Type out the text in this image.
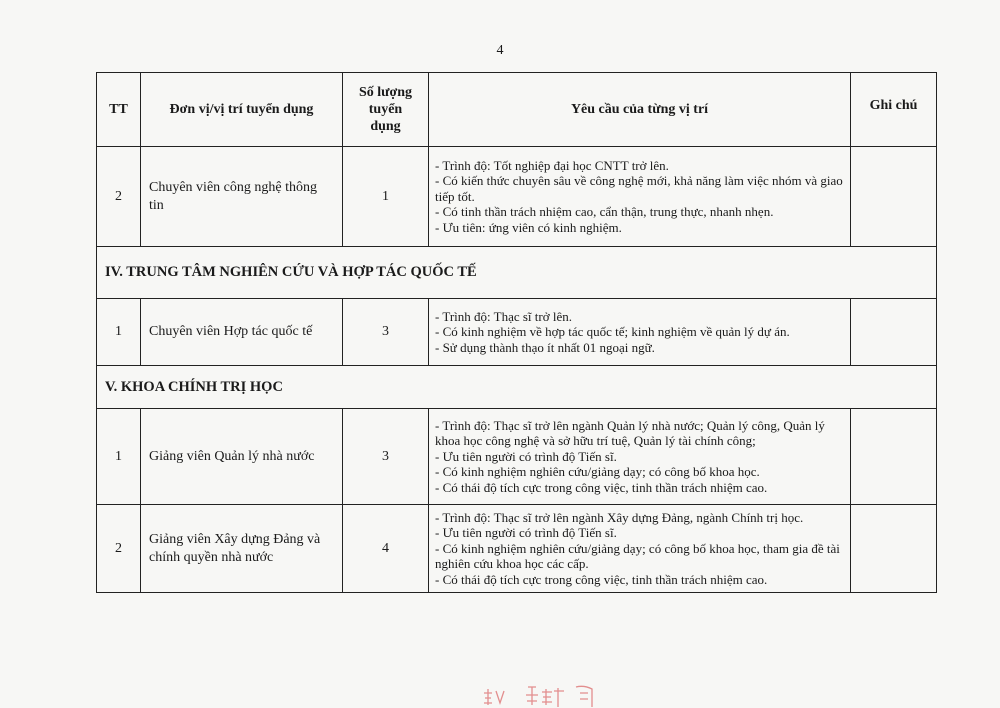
4
TT	Đơn vị/vị trí tuyển dụng	Số lượng tuyển dụng	Yêu cầu của từng vị trí	Ghi chú
2	Chuyên viên công nghệ thông tin	1	- Trình độ: Tốt nghiệp đại học CNTT trở lên.
- Có kiến thức chuyên sâu về công nghệ mới, khả năng làm việc nhóm và giao tiếp tốt.
- Có tinh thần trách nhiệm cao, cẩn thận, trung thực, nhanh nhẹn.
- Ưu tiên: ứng viên có kinh nghiệm.	

IV. TRUNG TÂM NGHIÊN CỨU VÀ HỢP TÁC QUỐC TẾ				
1	Chuyên viên Hợp tác quốc tế	3	- Trình độ: Thạc sĩ trở lên.
- Có kinh nghiệm về hợp tác quốc tế; kinh nghiệm về quản lý dự án.
- Sử dụng thành thạo ít nhất 01 ngoại ngữ.	

V. KHOA CHÍNH TRỊ HỌC				
1	Giảng viên Quản lý nhà nước	3	- Trình độ: Thạc sĩ trở lên ngành Quản lý nhà nước; Quản lý công, Quản lý khoa học công nghệ và sở hữu trí tuệ, Quản lý tài chính công;
- Ưu tiên người có trình độ Tiến sĩ.
- Có kinh nghiệm nghiên cứu/giảng dạy; có công bố khoa học.
- Có thái độ tích cực trong công việc, tinh thần trách nhiệm cao.	

2	Giảng viên Xây dựng Đảng và chính quyền nhà nước	4	- Trình độ: Thạc sĩ trở lên ngành Xây dựng Đảng, ngành Chính trị học.
- Ưu tiên người có trình độ Tiến sĩ.
- Có kinh nghiệm nghiên cứu/giảng dạy; có công bố khoa học, tham gia đề tài nghiên cứu khoa học các cấp.
- Có thái độ tích cực trong công việc, tinh thần trách nhiệm cao.	
